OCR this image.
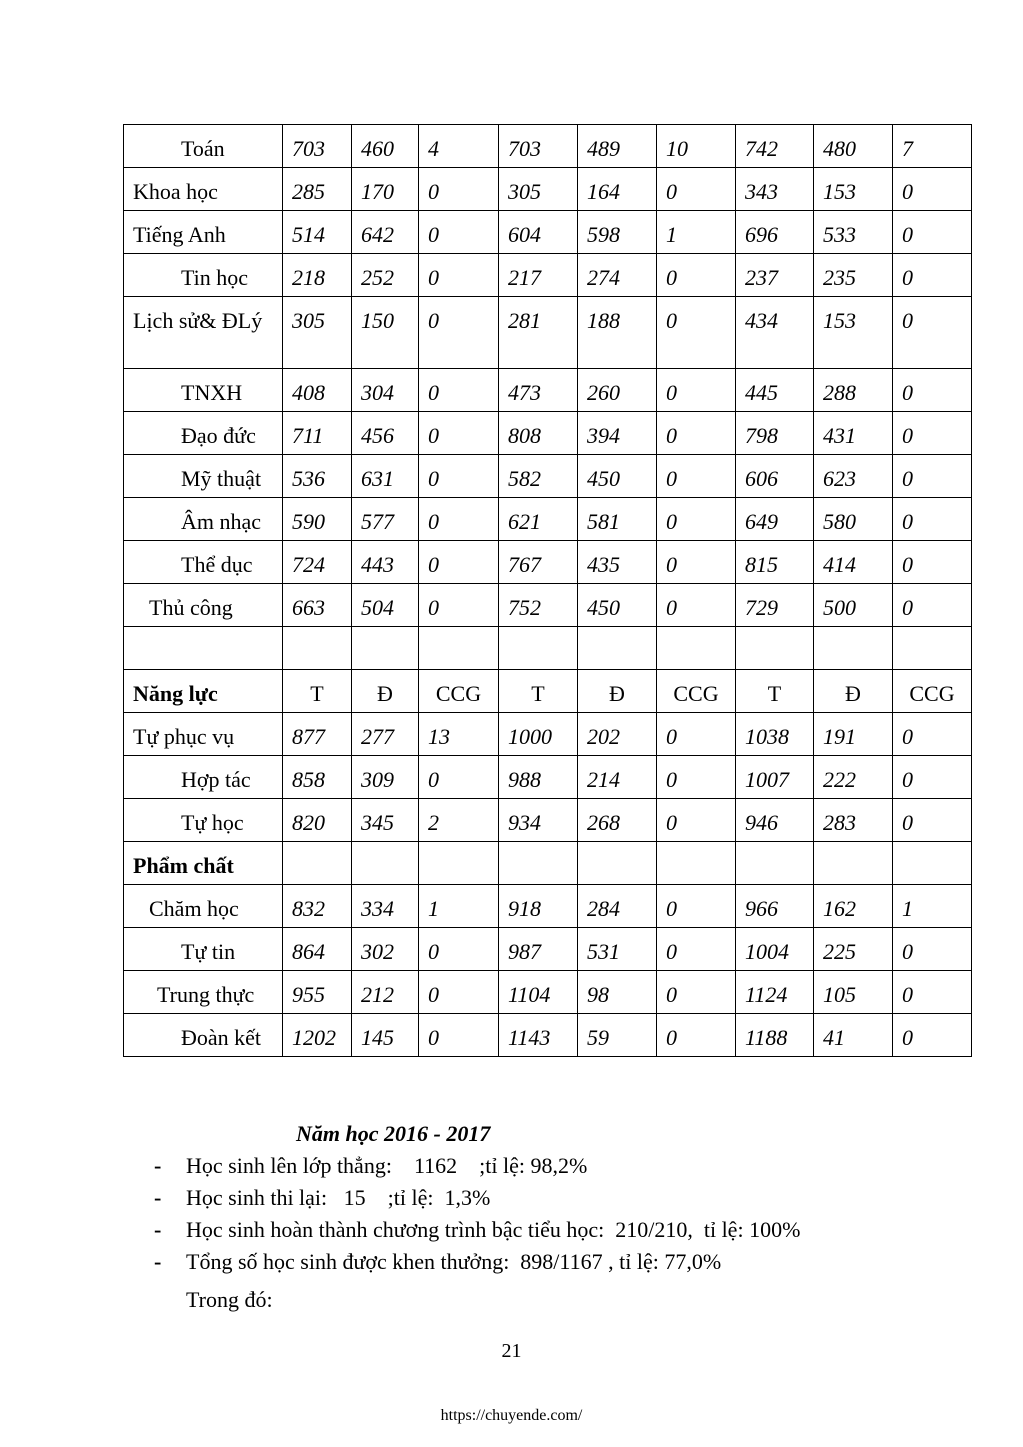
Toán	703	460	4	703	489	10	742	480	7
Khoa học	285	170	0	305	164	0	343	153	0
Tiếng Anh	514	642	0	604	598	1	696	533	0
Tin học	218	252	0	217	274	0	237	235	0
Lịch sử& ĐLý	305	150	0	281	188	0	434	153	0
TNXH	408	304	0	473	260	0	445	288	0
Đạo đức	711	456	0	808	394	0	798	431	0
Mỹ thuật	536	631	0	582	450	0	606	623	0
Âm nhạc	590	577	0	621	581	0	649	580	0
Thể dục	724	443	0	767	435	0	815	414	0
Thủ công	663	504	0	752	450	0	729	500	0

Năng lực	T	Đ	CCG	T	Đ	CCG	T	Đ	CCG
Tự phục vụ	877	277	13	1000	202	0	1038	191	0
Hợp tác	858	309	0	988	214	0	1007	222	0
Tự học	820	345	2	934	268	0	946	283	0
Phẩm chất									
Chăm học	832	334	1	918	284	0	966	162	1
Tự tin	864	302	0	987	531	0	1004	225	0
Trung thực	955	212	0	1104	98	0	1124	105	0
Đoàn kết	1202	145	0	1143	59	0	1188	41	0
Năm học 2016 - 2017
- Học sinh lên lớp thẳng:    1162    ;tỉ lệ: 98,2%
- Học sinh thi lại:   15    ;tỉ lệ:  1,3%
- Học sinh hoàn thành chương trình bậc tiểu học:  210/210,  tỉ lệ: 100%
- Tổng số học sinh được khen thưởng:  898/1167 , tỉ lệ: 77,0%
Trong đó:
21
https://chuyende.com/
